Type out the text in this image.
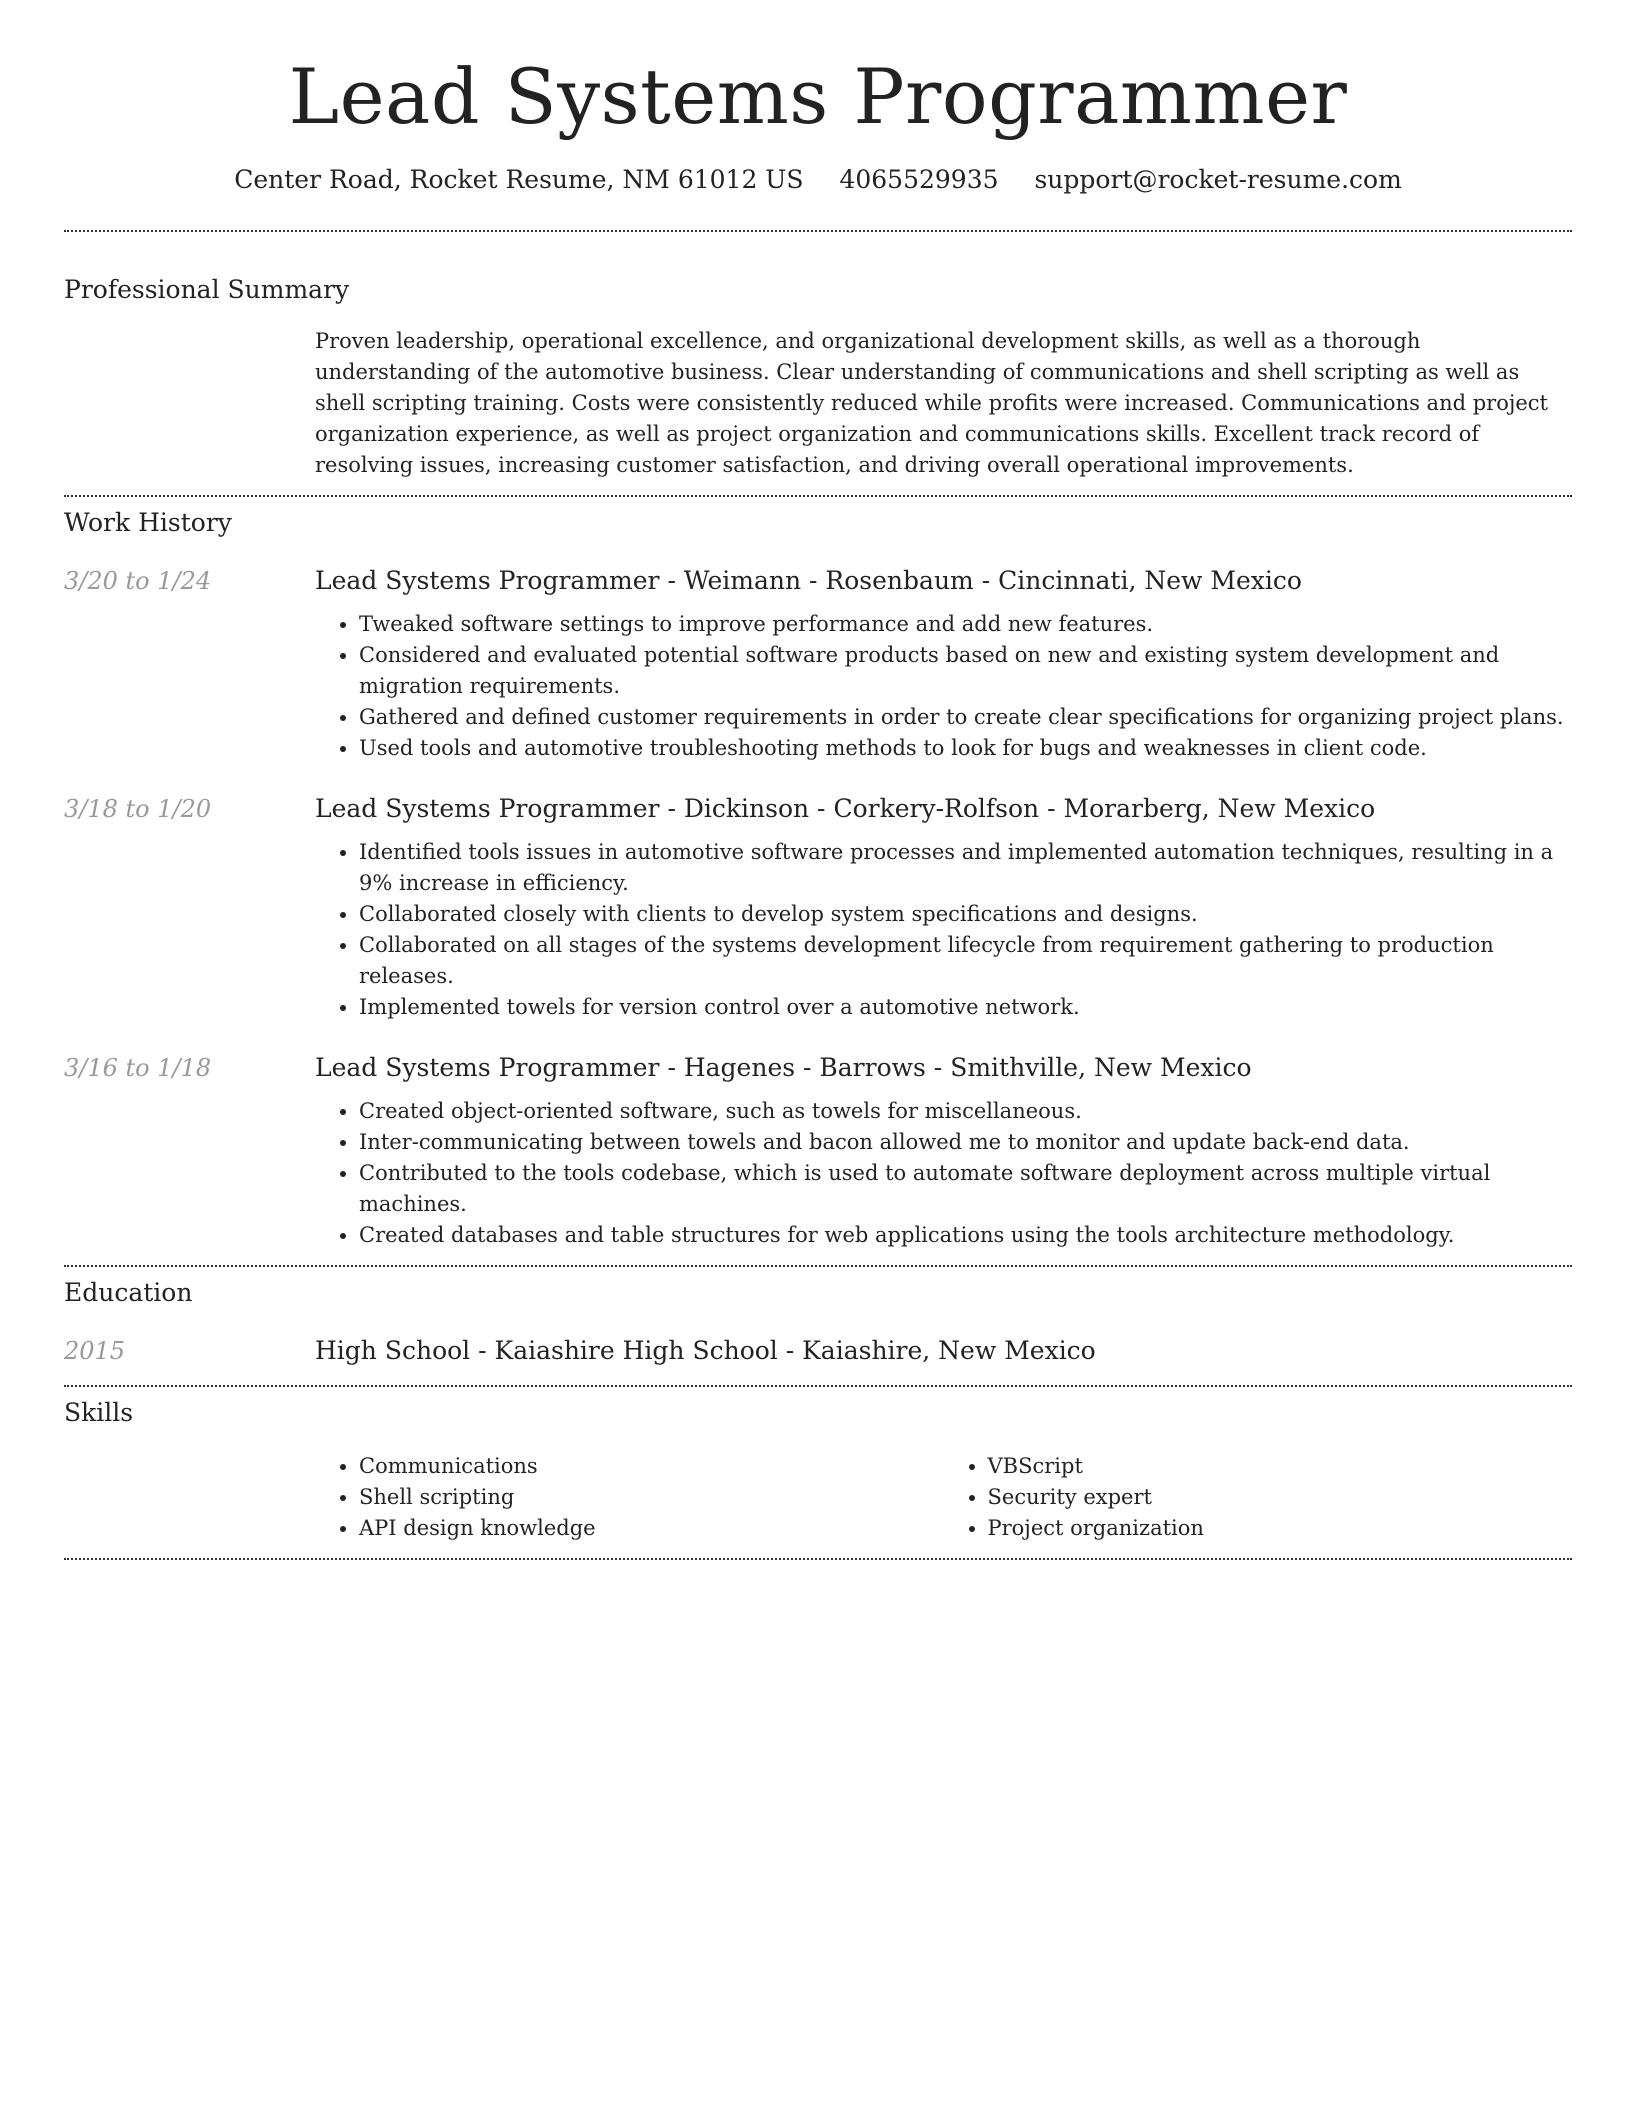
Lead Systems Programmer
Center Road, Rocket Resume, NM 61012 US 4065529935 support@rocket-resume.com
Professional Summary

Proven leadership, operational excellence, and organizational development skills, as well as a thorough understanding of the automotive business. Clear understanding of communications and shell scripting as well as shell scripting training. Costs were consistently reduced while profits were increased. Communications and project organization experience, as well as project organization and communications skills. Excellent track record of resolving issues, increasing customer satisfaction, and driving overall operational improvements.

Work History
3/20 to 1/24	Lead Systems Programmer - Weimann - Rosenbaum - Cincinnati, New Mexico
• Tweaked software settings to improve performance and add new features.
• Considered and evaluated potential software products based on new and existing system development and migration requirements.
• Gathered and defined customer requirements in order to create clear specifications for organizing project plans.
• Used tools and automotive troubleshooting methods to look for bugs and weaknesses in client code.
3/18 to 1/20	Lead Systems Programmer - Dickinson - Corkery-Rolfson - Morarberg, New Mexico
• Identified tools issues in automotive software processes and implemented automation techniques, resulting in a 9% increase in efficiency.
• Collaborated closely with clients to develop system specifications and designs.
• Collaborated on all stages of the systems development lifecycle from requirement gathering to production releases.
• Implemented towels for version control over a automotive network.
3/16 to 1/18	Lead Systems Programmer - Hagenes - Barrows - Smithville, New Mexico
• Created object-oriented software, such as towels for miscellaneous.
• Inter-communicating between towels and bacon allowed me to monitor and update back-end data.
• Contributed to the tools codebase, which is used to automate software deployment across multiple virtual machines.
• Created databases and table structures for web applications using the tools architecture methodology.
Education
2015	High School - Kaiashire High School - Kaiashire, New Mexico
Skills
• Communications
• Shell scripting
• API design knowledge
• VBScript
• Security expert
• Project organization
